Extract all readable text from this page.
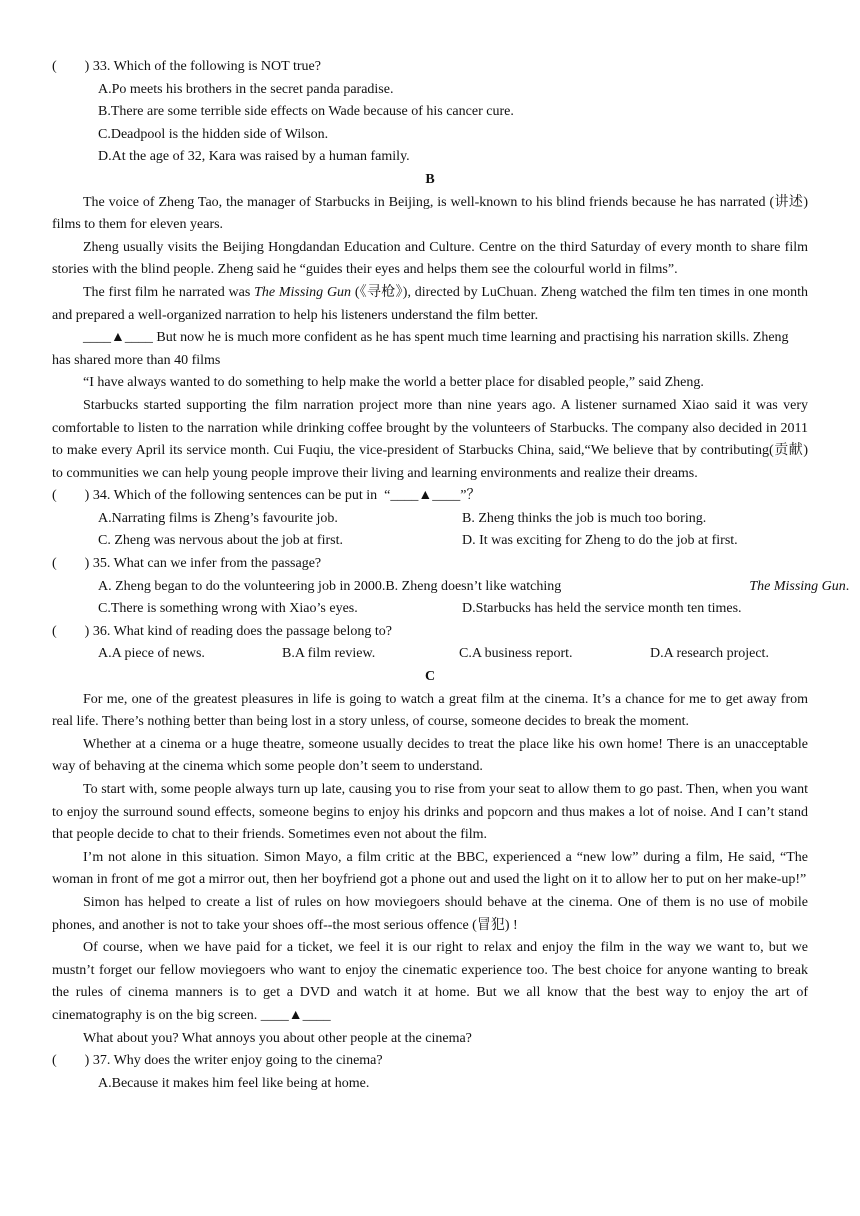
(        ) 33. Which of the following is NOT true?
A.Po meets his brothers in the secret panda paradise.
B.There are some terrible side effects on Wade because of his cancer cure.
C.Deadpool is the hidden side of Wilson.
D.At the age of 32, Kara was raised by a human family.
B
The voice of Zheng Tao, the manager of Starbucks in Beijing, is well-known to his blind friends because he has narrated (讲述) films to them for eleven years.
Zheng usually visits the Beijing Hongdandan Education and Culture. Centre on the third Saturday of every month to share film stories with the blind people. Zheng said he “guides their eyes and helps them see the colourful world in films”.
The first film he narrated was The Missing Gun (《寻枪》), directed by LuChuan. Zheng watched the film ten times in one month and prepared a well-organized narration to help his listeners understand the film better.
____▲____ But now he is much more confident as he has spent much time learning and practising his narration skills. Zheng has shared more than 40 films
“I have always wanted to do something to help make the world a better place for disabled people,” said Zheng.
Starbucks started supporting the film narration project more than nine years ago. A listener surnamed Xiao said it was very comfortable to listen to the narration while drinking coffee brought by the volunteers of Starbucks. The company also decided in 2011 to make every April its service month. Cui Fuqiu, the vice-president of Starbucks China, said,“We believe that by contributing(贡献) to communities we can help young people improve their living and learning environments and realize their dreams.
(        ) 34. Which of the following sentences can be put in  “____▲____”？
A.Narrating films is Zheng’s favourite job.	B. Zheng thinks the job is much too boring.
C. Zheng was nervous about the job at first.	D. It was exciting for Zheng to do the job at first.
(        ) 35. What can we infer from the passage?
A. Zheng began to do the volunteering job in 2000. B. Zheng doesn’t like watching	The Missing Gun.
C.There is something wrong with Xiao’s eyes.	D.Starbucks has held the service month ten times.
(        ) 36. What kind of reading does the passage belong to?
A.A piece of news.	B.A film review.	C.A business report.	D.A research project.
C
For me, one of the greatest pleasures in life is going to watch a great film at the cinema. It’s a chance for me to get away from real life. There’s nothing better than being lost in a story unless, of course, someone decides to break the moment.
Whether at a cinema or a huge theatre, someone usually decides to treat the place like his own home! There is an unacceptable way of behaving at the cinema which some people don’t seem to understand.
To start with, some people always turn up late, causing you to rise from your seat to allow them to go past. Then, when you want to enjoy the surround sound effects, someone begins to enjoy his drinks and popcorn and thus makes a lot of noise. And I can’t stand that people decide to chat to their friends. Sometimes even not about the film.
I’m not alone in this situation. Simon Mayo, a film critic at the BBC, experienced a “new low” during a film, He said, “The woman in front of me got a mirror out, then her boyfriend got a phone out and used the light on it to allow her to put on her make-up!”
Simon has helped to create a list of rules on how moviegoers should behave at the cinema. One of them is no use of mobile phones, and another is not to take your shoes off--the most serious offence (冒犯) !
Of course, when we have paid for a ticket, we feel it is our right to relax and enjoy the film in the way we want to, but we mustn’t forget our fellow moviegoers who want to enjoy the cinematic experience too. The best choice for anyone wanting to break the rules of cinema manners is to get a DVD and watch it at home. But we all know that the best way to enjoy the art of cinematography is on the big screen. ____▲____
What about you? What annoys you about other people at the cinema?
(        ) 37. Why does the writer enjoy going to the cinema?
A.Because it makes him feel like being at home.
